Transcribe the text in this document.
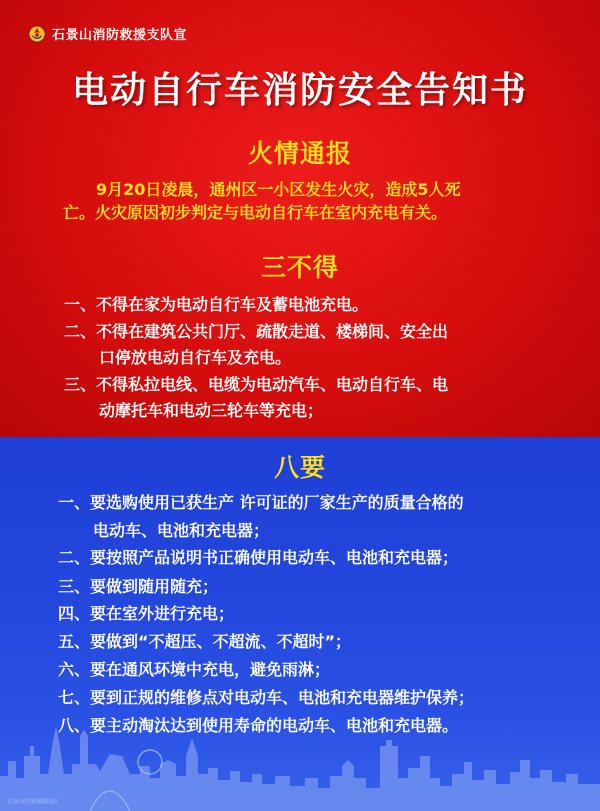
石景山消防救援支队宣
电动自行车消防安全告知书
火情通报
9月20日凌晨，通州区一小区发生火灾，造成5人死
亡。火灾原因初步判定与电动自行车在室内充电有关。
三不得
一、不得在家为电动自行车及蓄电池充电。
二、不得在建筑公共门厅、疏散走道、楼梯间、安全出
口停放电动自行车及充电。
三、不得私拉电线、电缆为电动汽车、电动自行车、电
动摩托车和电动三轮车等充电；
八要
一、要选购使用已获生产 许可证的厂家生产的质量合格的
电动车、电池和充电器；
二、要按照产品说明书正确使用电动车、电池和充电器；
三、要做到随用随充；
四、要在室外进行充电；
五、要做到“不超压、不超流、不超时”；
六、要在通风环境中充电，避免雨淋；
七、要到正规的维修点对电动车、电池和充电器维护保养；
八、要主动淘汰达到使用寿命的电动车、电池和充电器。
石景山区消防救援支队
